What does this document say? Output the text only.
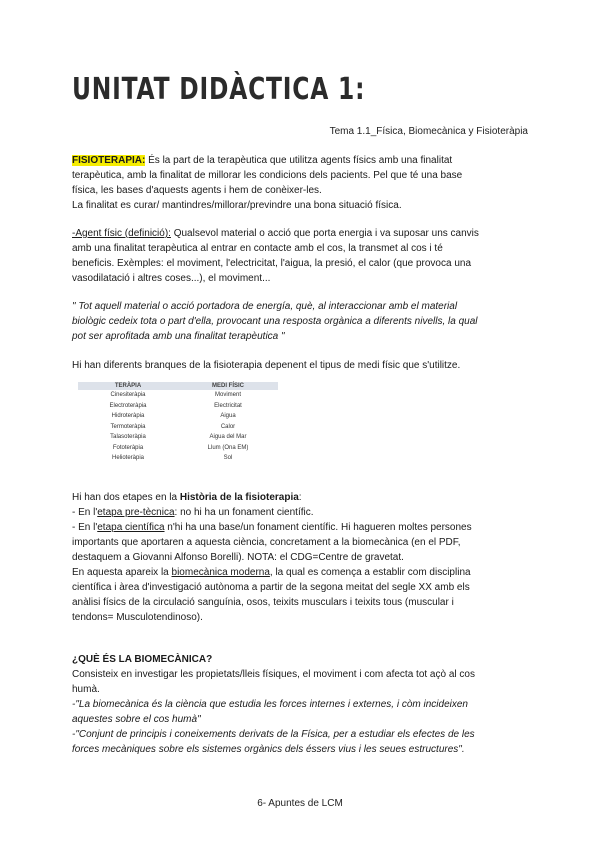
UNITAT DIDÀCTICA 1:
Tema 1.1_Física, Biomecànica y Fisioteràpia

FISIOTERAPIA: És la part de la terapèutica que utilitza agents físics amb una finalitat

terapèutica, amb la finalitat de millorar les condicions dels pacients. Pel que té una base

física, les bases d'aquests agents i hem de conèixer-les.

La finalitat es curar/ mantindres/millorar/previndre una bona situació física.

-Agent físic (definició): Qualsevol material o acció que porta energia i va suposar uns canvis

amb una finalitat terapèutica al entrar en contacte amb el cos, la transmet al cos i té

beneficis. Exèmples: el moviment, l'electricitat, l'aigua, la presió, el calor (que provoca una

vasodilatació i altres coses...), el moviment...

" Tot aquell material o acció portadora de energía, què, al interaccionar amb el material

biològic cedeix tota o part d'ella, provocant una resposta orgànica a diferents nivells, la qual

pot ser aprofitada amb una finalitat terapèutica "

Hi han diferents branques de la fisioterapia depenent el tipus de medi físic que s'utilitze.
TERÀPIA	MEDI FÍSIC
Cinesiteràpia	Moviment
Electroteràpia	Electricitat
Hidroteràpia	Aigua
Termoteràpia	Calor
Talasoteràpia	Aigua del Mar
Fototeràpia	Llum (Ona EM)
Helioteràpia	Sol

Hi han dos etapes en la Història de la fisioterapia:

- En l'etapa pre-tècnica: no hi ha un fonament científic.

- En l'etapa científica n'hi ha una base/un fonament científic. Hi hagueren moltes persones

importants que aportaren a aquesta ciència, concretament a la biomecànica (en el PDF,

destaquem a Giovanni Alfonso Borelli). NOTA: el CDG=Centre de gravetat.

En aquesta apareix la biomecànica moderna, la qual es comença a establir com disciplina

científica i àrea d'investigació autònoma a partir de la segona meitat del segle XX amb els

anàlisi físics de la circulació sanguínia, osos, teixits musculars i teixits tous (muscular i

tendons= Musculotendinoso).

¿QUÈ ÉS LA BIOMECÀNICA?

Consisteix en investigar les propietats/lleis físiques, el moviment i com afecta tot açò al cos

humà.

-"La biomecànica és la ciència que estudia les forces internes i externes, i còm incideixen

aquestes sobre el cos humà"

-"Conjunt de principis i coneixements derivats de la Física, per a estudiar els efectes de les

forces mecàniques sobre els sistemes orgànics dels éssers vius i les seues estructures".

6- Apuntes de LCM
